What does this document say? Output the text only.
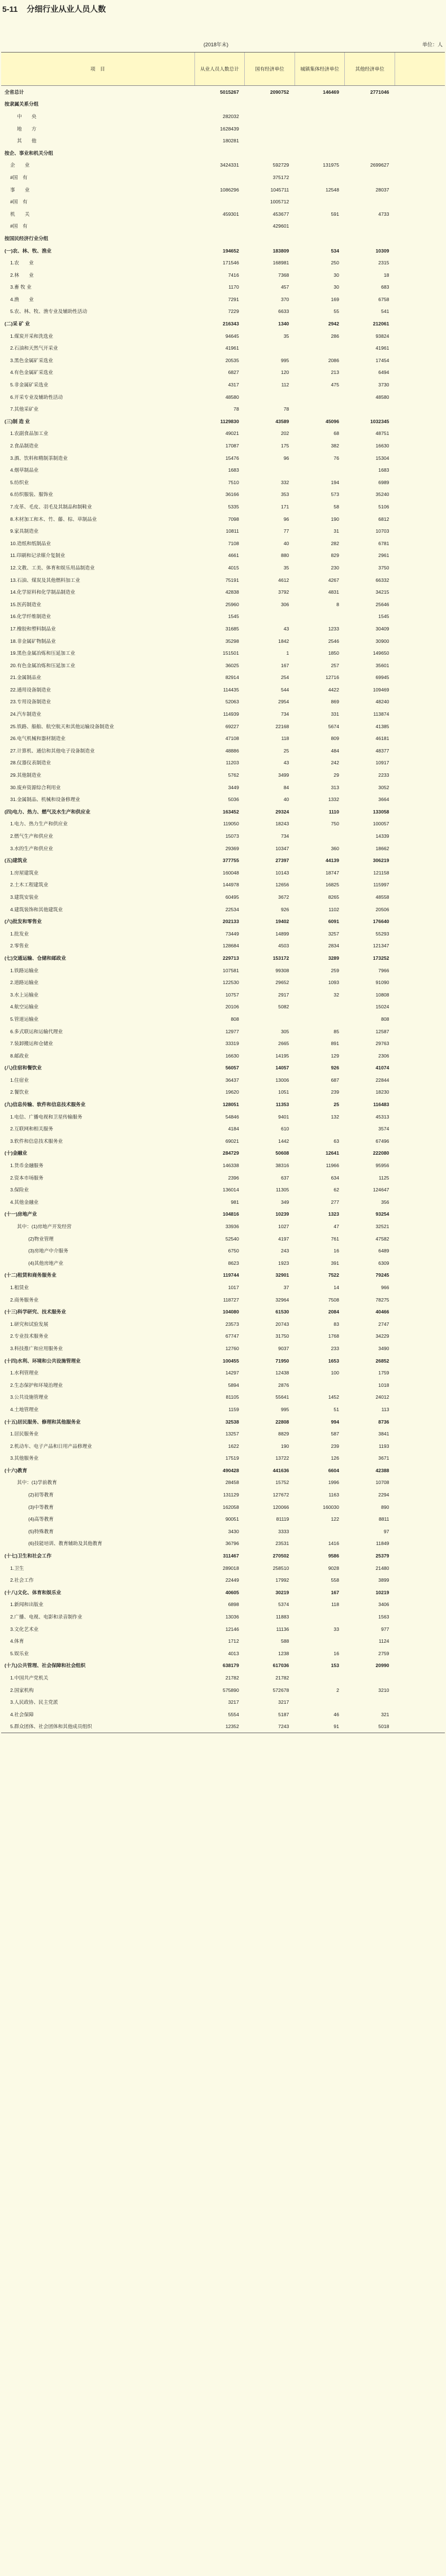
5-11 分细行业从业人员人数
(2018年末)	单位：人
项　目	从业人员人数总计	国有经济单位	城镇集体经济单位	其他经济单位	
全省总计	5015267	2090752	146469	2771046	
按隶属关系分组					
中　　央	282032				
地　　方	1628439				
其　　他	180281				
按企、事业和机关分组					
企　　业	3424331	592729	131975	2699627	
#国　有		375172			
事　　业	1086296	1045711	12548	28037	
#国　有		1005712			
机　　关	459301	453677	591	4733	
#国　有		429601			
按国民经济行业分组					
(一)农、林、牧、渔业	194652	183809	534	10309	
1.农　　业	171546	168981	250	2315	
2.林　　业	7416	7368	30	18	
3.畜 牧 业	1170	457	30	683	
4.渔　　业	7291	370	169	6758	
5.农、林、牧、渔专业及辅助性活动	7229	6633	55	541	
(二)采 矿 业	216343	1340	2942	212061	
1.煤炭开采和洗选业	94645	35	286	93824	
2.石油和天然气开采业	41961			41961	
3.黑色金属矿采选业	20535	995	2086	17454	
4.有色金属矿采选业	6827	120	213	6494	
5.非金属矿采选业	4317	112	475	3730	
6.开采专业及辅助性活动	48580			48580	
7.其他采矿业	78	78			
(三)制 造 业	1129830	43589	45096	1032345	
1.农副食品加工业	49021	202	68	48751	
2.食品制造业	17087	175	382	16630	
3.酒、饮料和精制茶制造业	15476	96	76	15304	
4.烟草制品业	1683			1683	
5.纺织业	7510	332	194	6989	
6.纺织服装、服饰业	36166	353	573	35240	
7.皮革、毛皮、羽毛及其制品和制鞋业	5335	171	58	5106	
8.木材加工和木、竹、藤、棕、草制品业	7098	96	190	6812	
9.家具制造业	10811	77	31	10703	
10.造纸和纸制品业	7108	40	282	6781	
11.印刷和记录媒介复制业	4661	880	829	2961	
12.文教、工美、体育和娱乐用品制造业	4015	35	230	3750	
13.石油、煤炭及其他燃料加工业	75191	4612	4267	66332	
14.化学原料和化学制品制造业	42838	3792	4831	34215	
15.医药制造业	25960	306	8	25646	
16.化学纤维制造业	1545			1545	
17.橡胶和塑料制品业	31685	43	1233	30409	
18.非金属矿物制品业	35298	1842	2546	30900	
19.黑色金属冶炼和压延加工业	151501	1	1850	149650	
20.有色金属冶炼和压延加工业	36025	167	257	35601	
21.金属制品业	82914	254	12716	69945	
22.通用设备制造业	114435	544	4422	109469	
23.专用设备制造业	52063	2954	869	48240	
24.汽车制造业	114939	734	331	113874	
25.铁路、船舶、航空航天和其他运输设备制造业	69227	22168	5674	41385	
26.电气机械和器材制造业	47108	118	809	46181	
27.计算机、通信和其他电子设备制造业	48886	25	484	48377	
28.仪器仪表制造业	11203	43	242	10917	
29.其他制造业	5762	3499	29	2233	
30.废弃资源综合利用业	3449	84	313	3052	
31.金属制品、机械和设备修理业	5036	40	1332	3664	
(四)电力、热力、燃气及水生产和供应业	163452	29324	1110	133058	
1.电力、热力生产和供应业	119050	18243	750	100057	
2.燃气生产和供应业	15073	734		14339	
3.水的生产和供应业	29369	10347	360	18662	
(五)建筑业	377755	27397	44139	306219	
1.房屋建筑业	160048	10143	18747	121158	
2.土木工程建筑业	144978	12656	16825	115997	
3.建筑安装业	60495	3672	8265	48558	
4.建筑装饰和其他建筑业	22534	926	1102	20506	
(六)批发和零售业	202133	19402	6091	176640	
1.批发业	73449	14899	3257	55293	
2.零售业	128684	4503	2834	121347	
(七)交通运输、仓储和邮政业	229713	153172	3289	173252	
1.铁路运输业	107581	99308	259	7966	
2.道路运输业	122530	29652	1093	91090	
3.水上运输业	10757	2917	32	10808	
4.航空运输业	20106	5082		15024	
5.管道运输业	808			808	
6.多式联运和运输代理业	12977	305	85	12587	
7.装卸搬运和仓储业	33319	2665	891	29763	
8.邮政业	16630	14195	129	2306	
(八)住宿和餐饮业	56057	14057	926	41074	
1.住宿业	36437	13006	687	22844	
2.餐饮业	19620	1051	239	18230	
(九)信息传输、软件和信息技术服务业	128051	11353	25	116483	
1.电信、广播电视和卫星传输服务	54846	9401	132	45313	
2.互联网和相关服务	4184	610		3574	
3.软件和信息技术服务业	69021	1442	63	67496	
(十)金融业	284729	50608	12641	222080	
1.货币金融服务	146338	38316	11966	95956	
2.资本市场服务	2396	637	634	1125	
3.保险业	136014	11305	62	124647	
4.其他金融业	981	349	277	356	
(十一)房地产业	104816	10239	1323	93254	
其中：(1)房地产开发经营	33936	1027	47	32521	
(2)物业管理	52540	4197	761	47582	
(3)房地产中介服务	6750	243	16	6489	
(4)其他房地产业	8623	1923	391	6309	
(十二)租赁和商务服务业	119744	32901	7522	79245	
1.租赁业	1017	37	14	966	
2.商务服务业	118727	32964	7508	78275	
(十三)科学研究、技术服务业	104080	61530	2084	40466	
1.研究和试验发展	23573	20743	83	2747	
2.专业技术服务业	67747	31750	1768	34229	
3.科技推广和应用服务业	12760	9037	233	3490	
(十四)水利、环境和公共设施管理业	100455	71950	1653	26852	
1.水利管理业	14297	12438	100	1759	
2.生态保护和环境治理业	5894	2876		1018	
3.公共设施管理业	81105	55641	1452	24012	
4.土地管理业	1159	995	51	113	
(十五)居民服务、修理和其他服务业	32538	22808	994	8736	
1.居民服务业	13257	8829	587	3841	
2.机动车、电子产品和日用产品修理业	1622	190	239	1193	
3.其他服务业	17519	13722	126	3671	
(十六)教育	490428	441636	6604	42388	
其中：(1)学前教育	28458	15752	1996	10708	
(2)初等教育	131129	127672	1163	2294	
(3)中等教育	162058	120066	160030	890	
(4)高等教育	90051	81119	122	8811	
(5)特殊教育	3430	3333		97	
(6)技能培训、教育辅助及其他教育	36796	23531	1416	11849	
(十七)卫生和社会工作	311467	270502	9586	25379	
1.卫生	289018	258510	9028	21480	
2.社会工作	22449	17992	558	3899	
(十八)文化、体育和娱乐业	40605	30219	167	10219	
1.新闻和出版业	6898	5374	118	3406	
2.广播、电视、电影和录音制作业	13036	11883		1563	
3.文化艺术业	12146	11136	33	977	
4.体育	1712	588		1124	
5.娱乐业	4013	1238	16	2759	
(十九)公共管理、社会保障和社会组织	638179	617036	153	20990	
1.中国共产党机关	21782	21782			
2.国家机构	575890	572678	2	3210	
3.人民政协、民主党派	3217	3217			
4.社会保障	5554	5187	46	321	
5.群众团体、社会团体和其他成员组织	12352	7243	91	5018	
